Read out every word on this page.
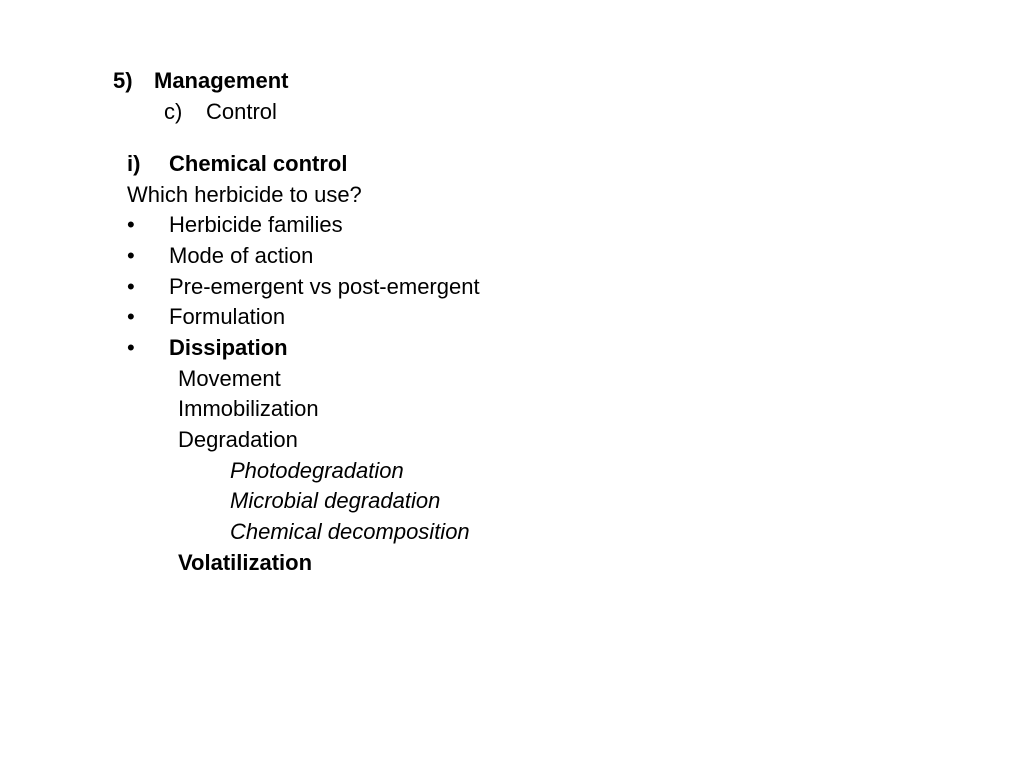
5) Management
c) Control
i) Chemical control
Which herbicide to use?
• Herbicide families
• Mode of action
• Pre-emergent vs post-emergent
• Formulation
• Dissipation
Movement
Immobilization
Degradation
Photodegradation
Microbial degradation
Chemical decomposition
Volatilization
